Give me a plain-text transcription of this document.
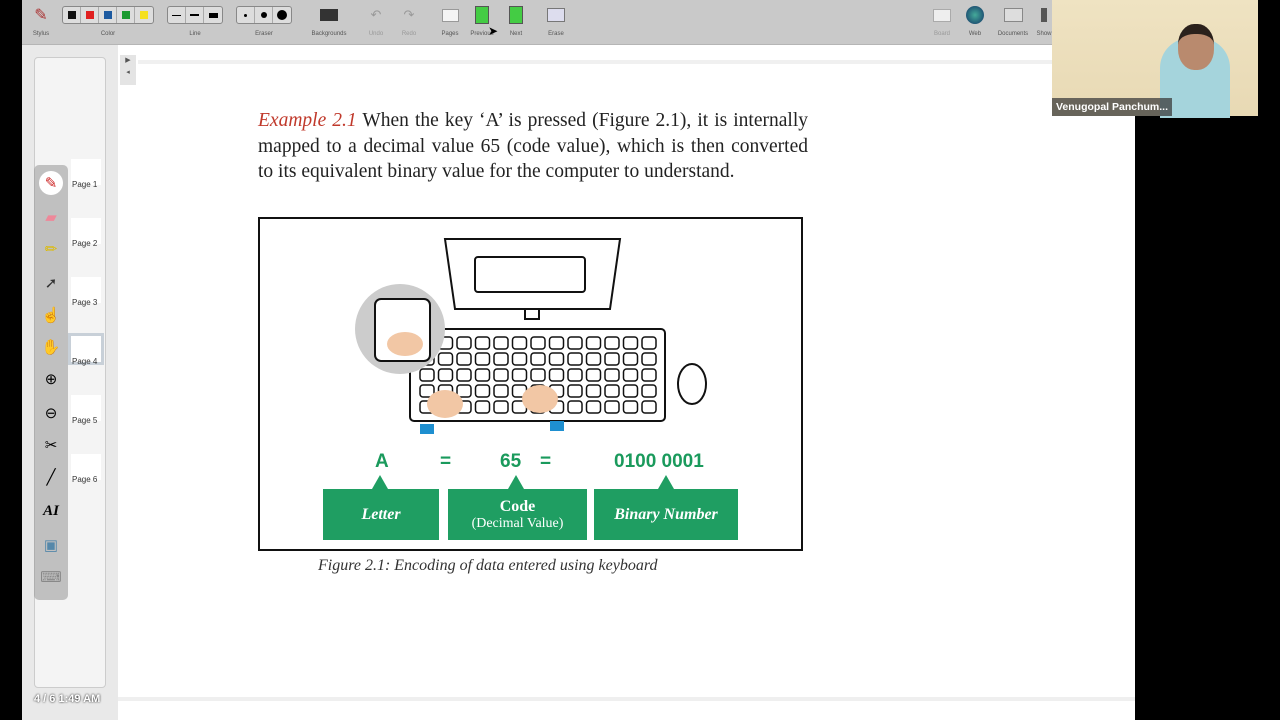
✎
Stylus	Color	Line	Eraser	Backgrounds
↶
Undo
↷
Redo	Pages	Previous	Next	Erase	Board	Web	Documents	Show
➤
Page 1
Page 2
Page 3
Page 4
Page 5
Page 6
✎
▰
✏
➚
☝
✋
⊕
⊖
✂
╱
AI
▣
⌨
4 / 6 1:49 AM
▶
◂
Example 2.1 When the key ‘A’ is pressed (Figure 2.1), it is internally mapped to a decimal value 65 (code value), which is then converted to its equivalent binary value for the computer to understand.
A	=	65 =	0100 0001
Letter	Code
(Decimal Value)
Binary Number
Figure 2.1: Encoding of data entered using keyboard
Venugopal Panchum...
